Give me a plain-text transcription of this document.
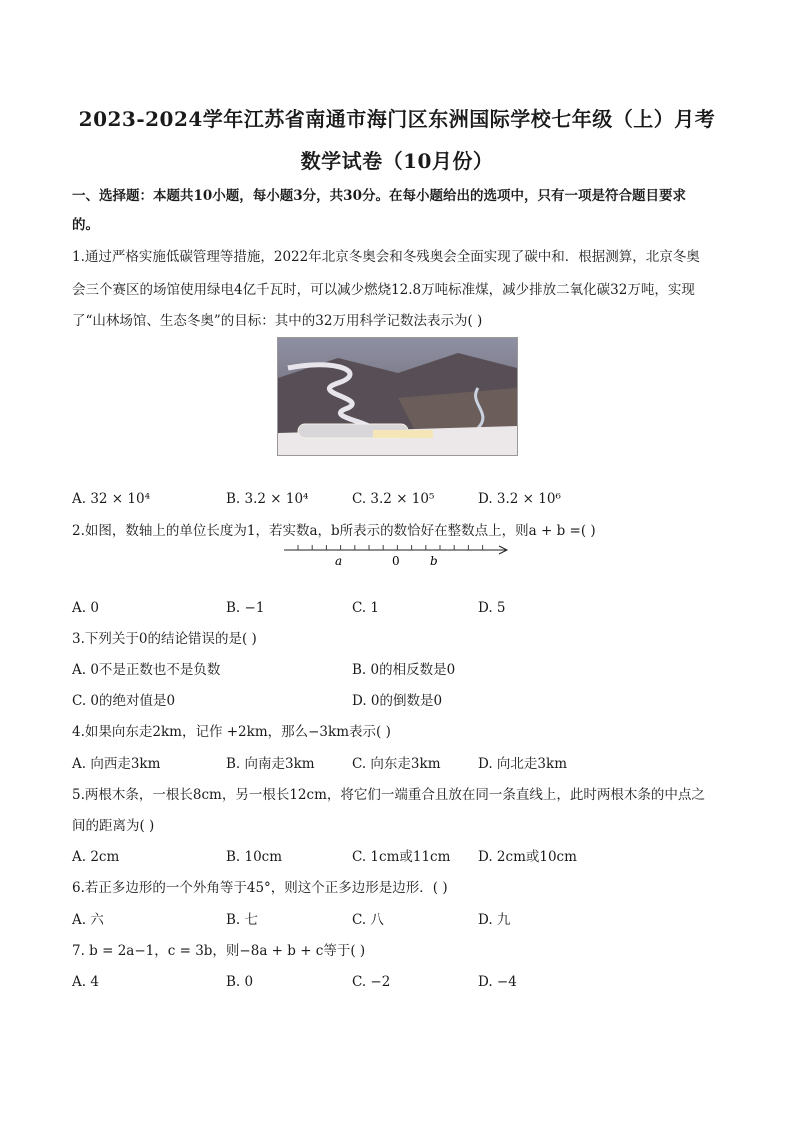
2023-2024学年江苏省南通市海门区东洲国际学校七年级（上）月考
数学试卷（10月份）
一、选择题：本题共10小题，每小题3分，共30分。在每小题给出的选项中，只有一项是符合题目要求
的。
1.通过严格实施低碳管理等措施，2022年北京冬奥会和冬残奥会全面实现了碳中和．根据测算，北京冬奥
会三个赛区的场馆使用绿电4亿千瓦时，可以减少燃烧12.8万吨标准煤，减少排放二氧化碳32万吨，实现
了“山林场馆、生态冬奥”的目标：其中的32万用科学记数法表示为( )
A. 32 × 10⁴	B. 3.2 × 10⁴	C. 3.2 × 10⁵	D. 3.2 × 10⁶
2.如图，数轴上的单位长度为1，若实数a，b所表示的数恰好在整数点上，则a + b =( )
a	0	b
A. 0	B. −1	C. 1	D. 5
3.下列关于0的结论错误的是( )
A. 0不是正数也不是负数	B. 0的相反数是0
C. 0的绝对值是0	D. 0的倒数是0
4.如果向东走2km，记作 +2km，那么−3km表示( )
A. 向西走3km	B. 向南走3km	C. 向东走3km	D. 向北走3km
5.两根木条，一根长8cm，另一根长12cm，将它们一端重合且放在同一条直线上，此时两根木条的中点之
间的距离为( )
A. 2cm	B. 10cm	C. 1cm或11cm D. 2cm或10cm
6.若正多边形的一个外角等于45°，则这个正多边形是边形．( )
A. 六	B. 七	C. 八	D. 九
7. b = 2a−1，c = 3b，则−8a + b + c等于( )
A. 4	B. 0	C. −2	D. −4
